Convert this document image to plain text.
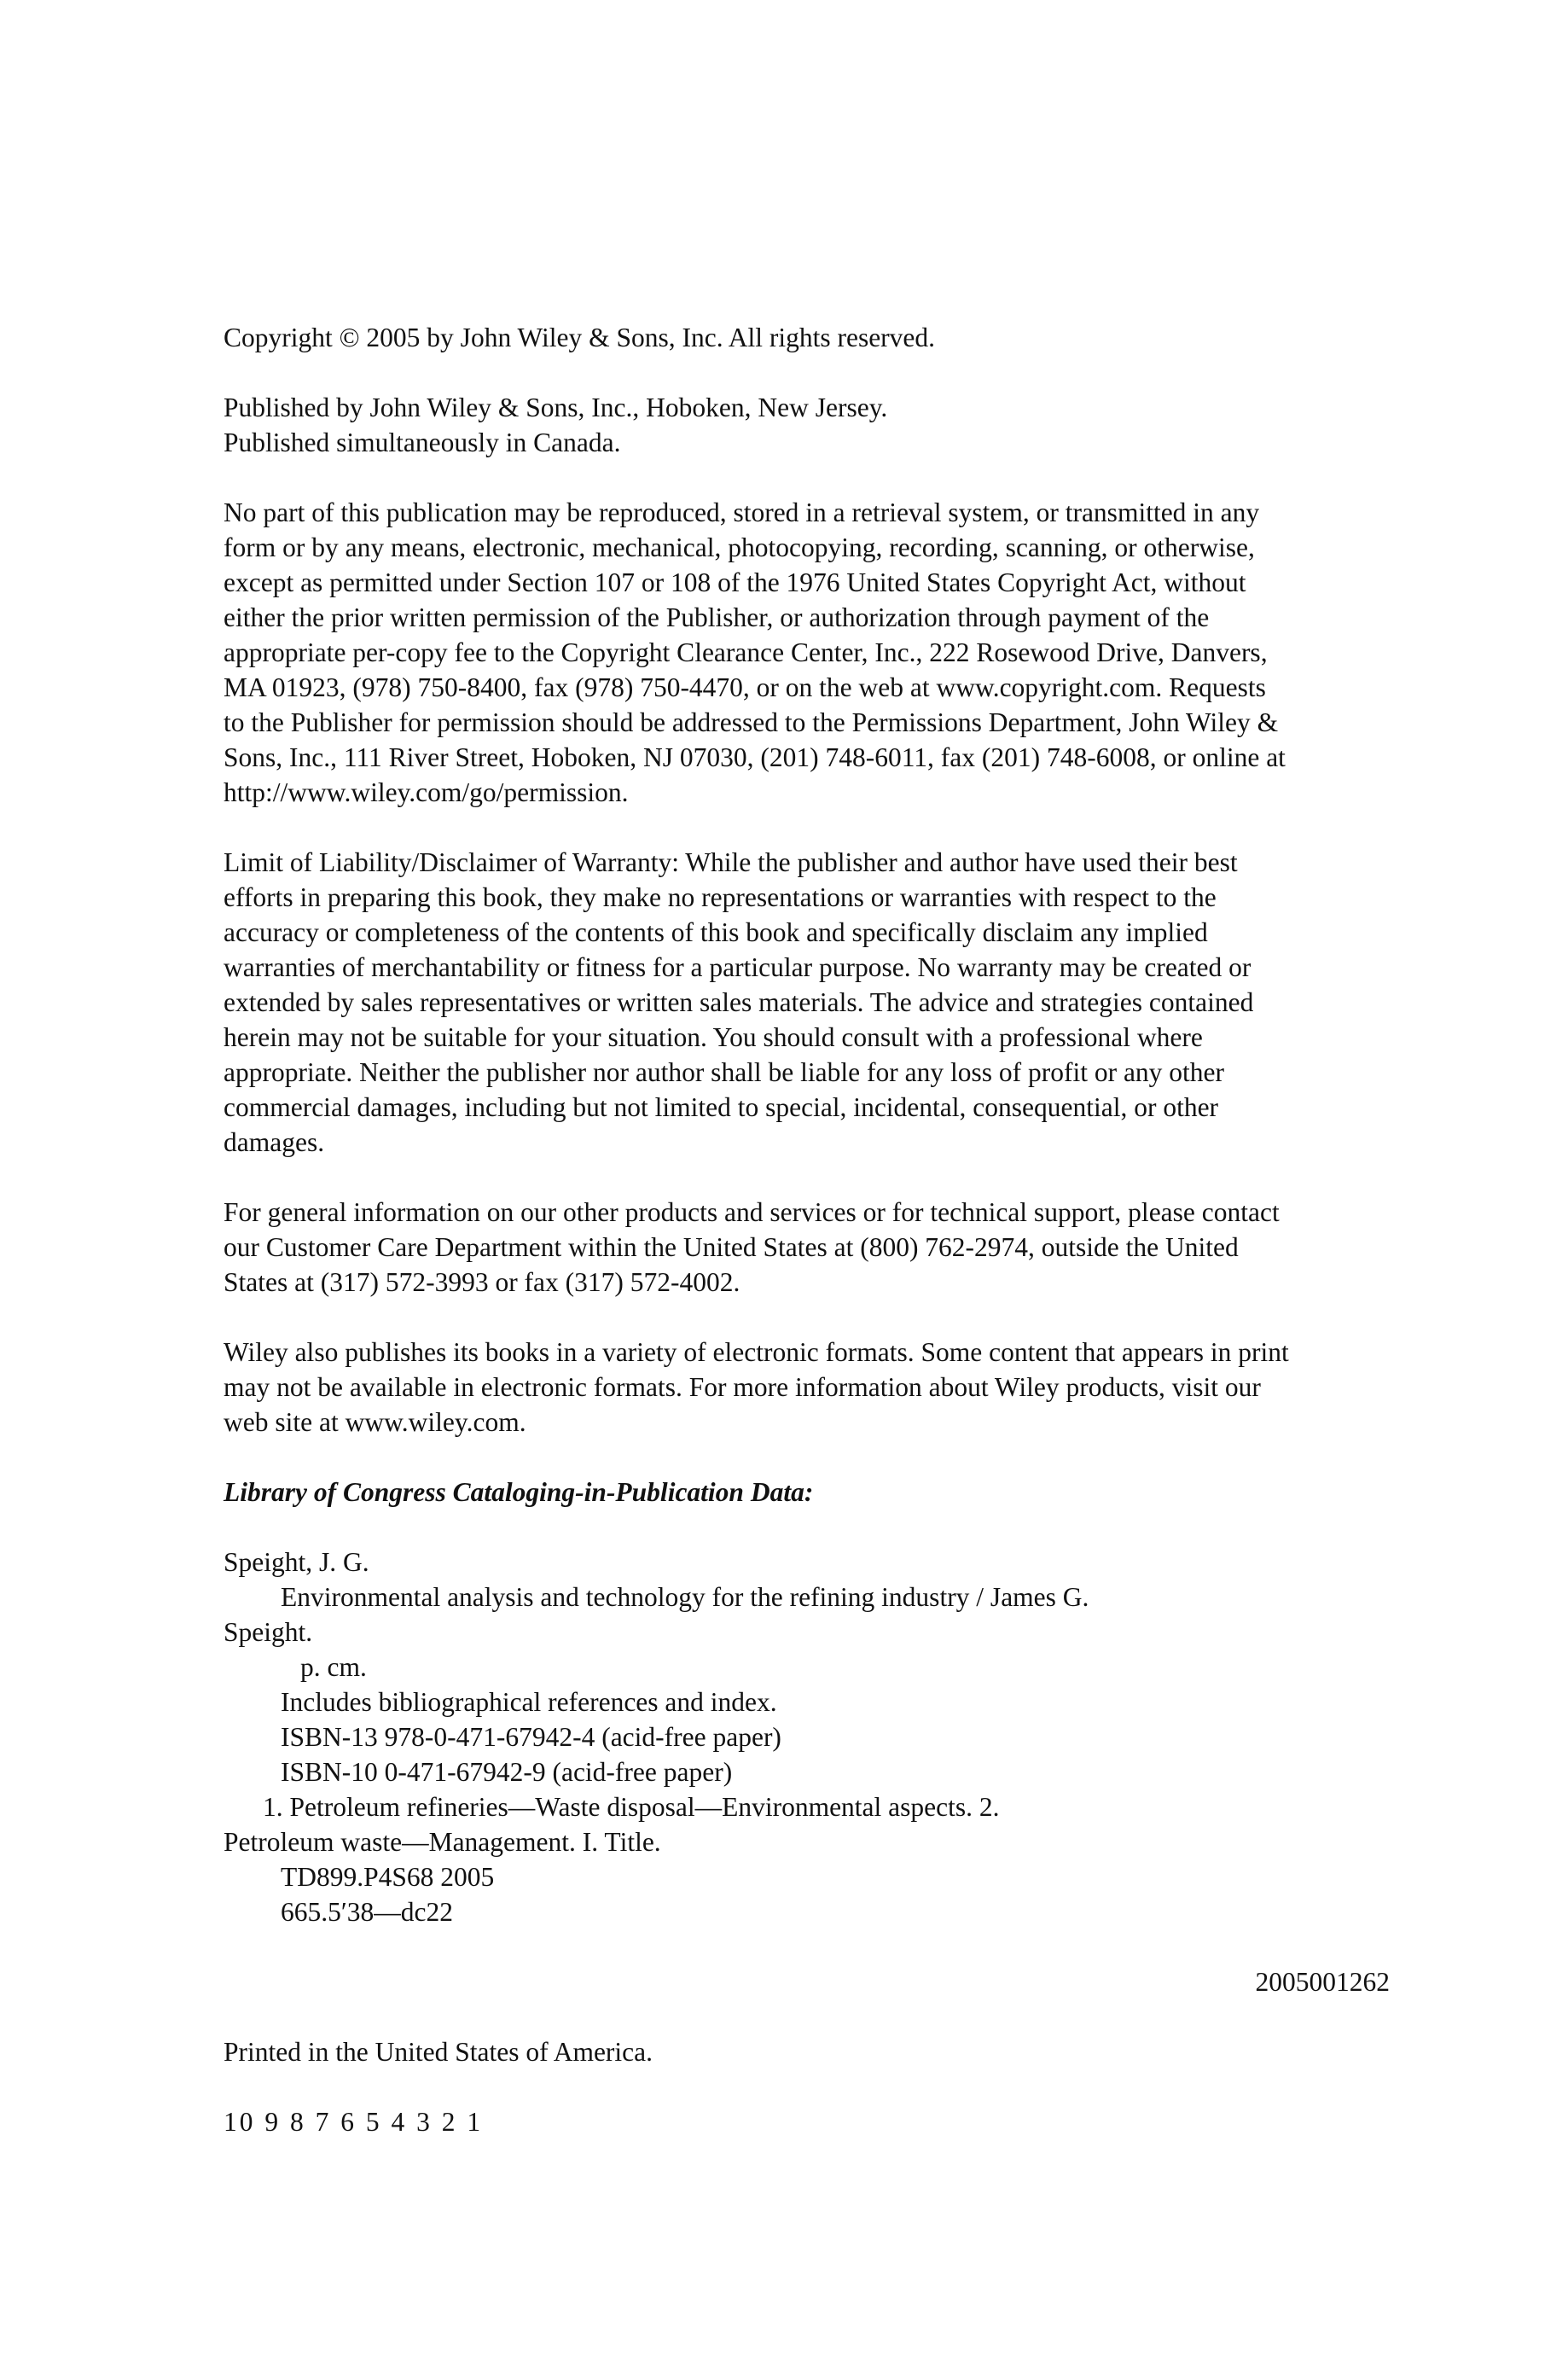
Copyright © 2005 by John Wiley & Sons, Inc. All rights reserved.

Published by John Wiley & Sons, Inc., Hoboken, New Jersey.
Published simultaneously in Canada.

No part of this publication may be reproduced, stored in a retrieval system, or transmitted in any
form or by any means, electronic, mechanical, photocopying, recording, scanning, or otherwise,
except as permitted under Section 107 or 108 of the 1976 United States Copyright Act, without
either the prior written permission of the Publisher, or authorization through payment of the
appropriate per-copy fee to the Copyright Clearance Center, Inc., 222 Rosewood Drive, Danvers,
MA 01923, (978) 750-8400, fax (978) 750-4470, or on the web at www.copyright.com. Requests
to the Publisher for permission should be addressed to the Permissions Department, John Wiley &
Sons, Inc., 111 River Street, Hoboken, NJ 07030, (201) 748-6011, fax (201) 748-6008, or online at
http://www.wiley.com/go/permission.

Limit of Liability/Disclaimer of Warranty: While the publisher and author have used their best
efforts in preparing this book, they make no representations or warranties with respect to the
accuracy or completeness of the contents of this book and specifically disclaim any implied
warranties of merchantability or fitness for a particular purpose. No warranty may be created or
extended by sales representatives or written sales materials. The advice and strategies contained
herein may not be suitable for your situation. You should consult with a professional where
appropriate. Neither the publisher nor author shall be liable for any loss of profit or any other
commercial damages, including but not limited to special, incidental, consequential, or other
damages.

For general information on our other products and services or for technical support, please contact
our Customer Care Department within the United States at (800) 762-2974, outside the United
States at (317) 572-3993 or fax (317) 572-4002.

Wiley also publishes its books in a variety of electronic formats. Some content that appears in print
may not be available in electronic formats. For more information about Wiley products, visit our
web site at www.wiley.com.

Library of Congress Cataloging-in-Publication Data:

Speight, J. G.
Environmental analysis and technology for the refining industry / James G.
Speight.
p. cm.
Includes bibliographical references and index.
ISBN-13 978-0-471-67942-4 (acid-free paper)
ISBN-10 0-471-67942-9 (acid-free paper)
1. Petroleum refineries—Waste disposal—Environmental aspects. 2.
Petroleum waste—Management. I. Title.
TD899.P4S68 2005
665.5′38—dc22
2005001262

Printed in the United States of America.

10 9 8 7 6 5 4 3 2 1
